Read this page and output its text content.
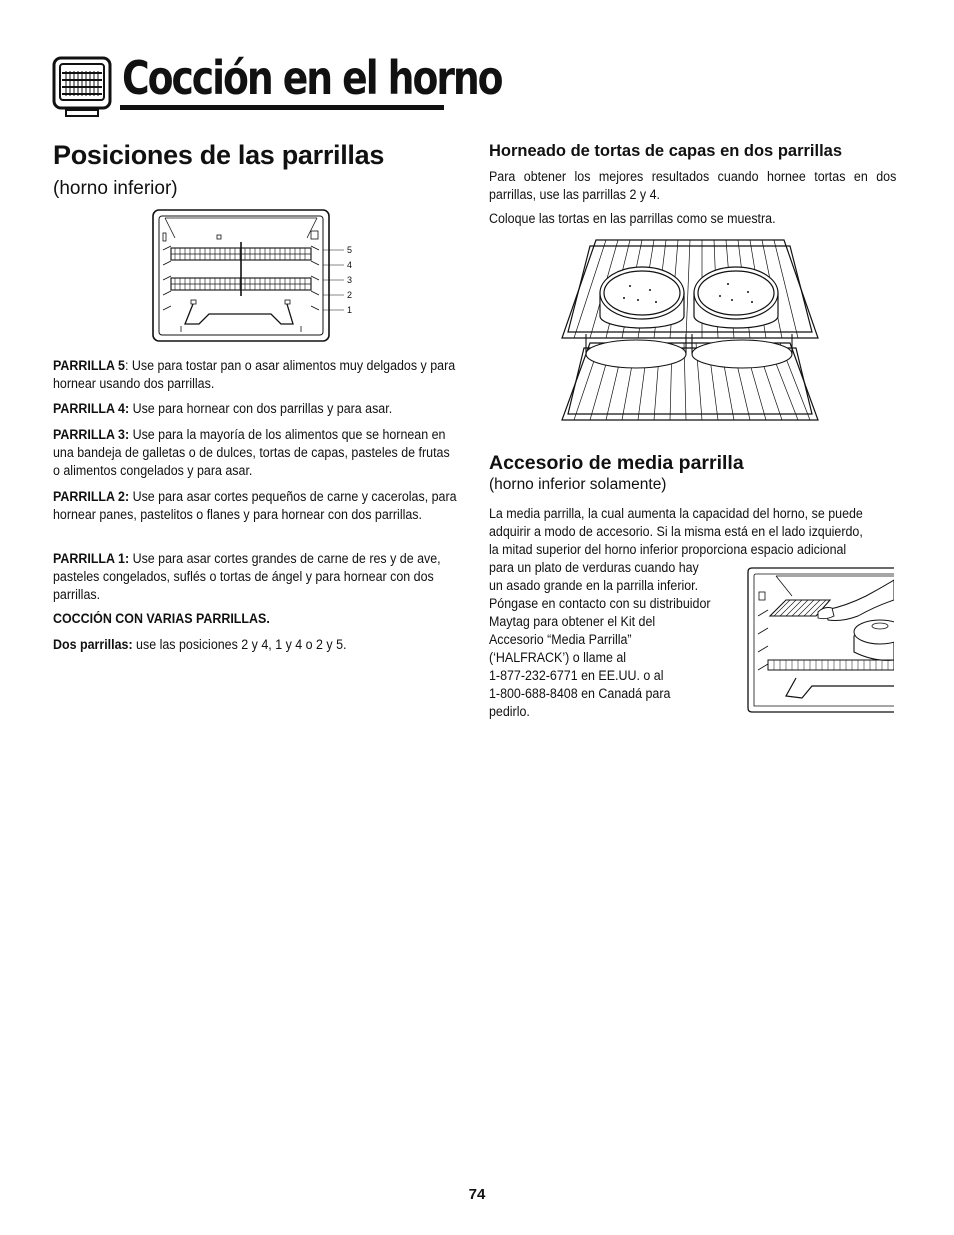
Cocción en el horno
Posiciones de las parrillas
(horno inferior)
5
4
3
2
1
PARRILLA 5: Use para tostar pan o asar alimentos muy delgados y para hornear usando dos parrillas.
PARRILLA 4: Use para hornear con dos parrillas y para asar.
PARRILLA 3: Use para la mayoría de los alimentos que se hornean en una bandeja de galletas o de dulces, tortas de capas, pasteles de frutas o alimentos congelados y para asar.
PARRILLA 2: Use para asar cortes pequeños de carne y cacerolas, para hornear panes, pastelitos o flanes y para hornear con dos parrillas.
PARRILLA 1: Use para asar cortes grandes de carne de res y de ave, pasteles congelados, suflés o tortas de ángel y para hornear con dos parrillas.
COCCIÓN CON VARIAS PARRILLAS.
Dos parrillas: use las posiciones 2 y 4, 1 y 4 o 2 y 5.
Horneado de tortas de capas en dos parrillas
Para obtener los mejores resultados cuando hornee tortas en dos parrillas, use las parrillas 2 y 4.
Coloque las tortas en las parrillas como se muestra.
Accesorio de media parrilla
(horno inferior solamente)
La media parrilla, la cual aumenta la capacidad del horno, se puede
adquirir a modo de accesorio. Si la misma está en el lado izquierdo,
la mitad superior del horno inferior proporciona espacio adicional
para un plato de verduras cuando hay
un asado grande en la parrilla inferior.
Póngase en contacto con su distribuidor
Maytag para obtener el Kit del
Accesorio “Media Parrilla”
(‘HALFRACK’) o llame al
1-877-232-6771 en EE.UU. o al
1-800-688-8408 en Canadá para
pedirlo.
74
